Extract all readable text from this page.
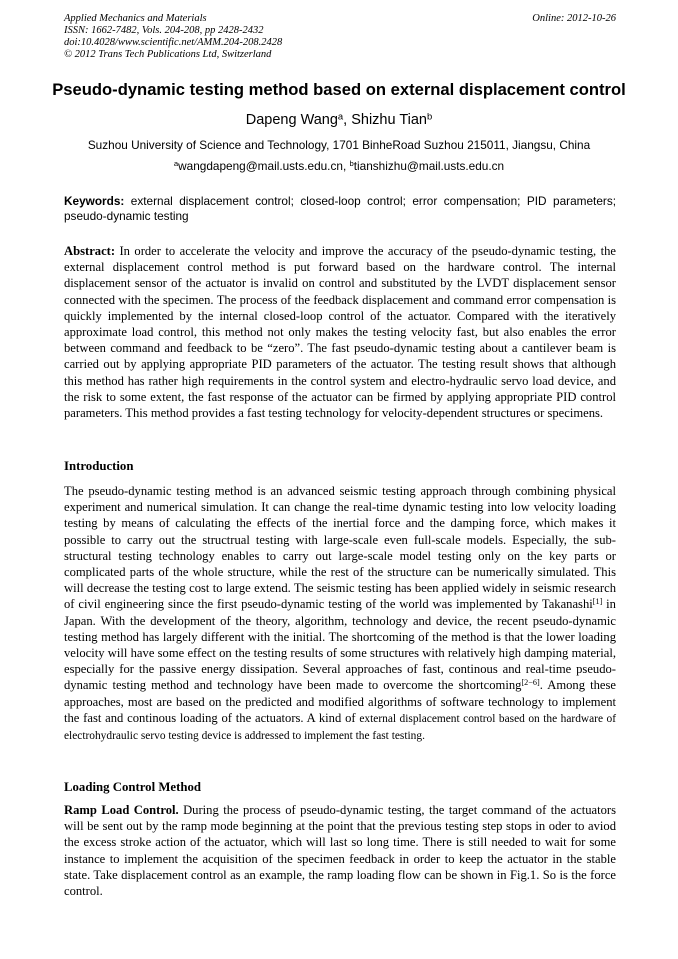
Applied Mechanics and Materials
ISSN: 1662-7482, Vols. 204-208, pp 2428-2432
doi:10.4028/www.scientific.net/AMM.204-208.2428
© 2012 Trans Tech Publications Ltd, Switzerland
Online: 2012-10-26
Pseudo-dynamic testing method based on external displacement control
Dapeng Wang$^a$, Shizhu Tian$^b$
Suzhou University of Science and Technology, 1701 BinheRoad Suzhou 215011, Jiangsu, China
$^a$wangdapeng@mail.usts.edu.cn, $^b$tianshizhu@mail.usts.edu.cn
Keywords: external displacement control; closed-loop control; error compensation; PID parameters; pseudo-dynamic testing
Abstract: In order to accelerate the velocity and improve the accuracy of the pseudo-dynamic testing, the external displacement control method is put forward based on the hardware control. The internal displacement sensor of the actuator is invalid on control and substituted by the LVDT displacement sensor connected with the specimen. The process of the feedback displacement and command error compensation is quickly implemented by the internal closed-loop control of the actuator. Compared with the iteratively approximate load control, this method not only makes the testing velocity fast, but also enables the error between command and feedback to be “zero”. The fast pseudo-dynamic testing about a cantilever beam is carried out by applying appropriate PID parameters of the actuator. The testing result shows that although this method has rather high requirements in the control system and electro-hydraulic servo load device, and the risk to some extent, the fast response of the actuator can be firmed by applying appropriate PID control parameters. This method provides a fast testing technology for velocity-dependent structures or specimens.
Introduction
The pseudo-dynamic testing method is an advanced seismic testing approach through combining physical experiment and numerical simulation. It can change the real-time dynamic testing into low velocity loading testing by means of calculating the effects of the inertial force and the damping force, which makes it possible to carry out the structrual testing with large-scale even full-scale models. Especially, the sub-structural testing technology enables to carry out large-scale model testing only on the key parts or complicated parts of the whole structure, while the rest of the structure can be numerically simulated. This will decrease the testing cost to large extend. The seismic testing has been applied widely in seismic research of civil engineering since the first pseudo-dynamic testing of the world was implemented by Takanashi[1] in Japan. With the development of the theory, algorithm, technology and device, the recent pseudo-dynamic testing method has largely different with the initial. The shortcoming of the method is that the lower loading velocity will have some effect on the testing results of some structures with relatively high damping material, especially for the passive energy dissipation. Several approaches of fast, continous and real-time pseudo-dynamic testing method and technology have been made to overcome the shortcoming[2−6]. Among these approaches, most are based on the predicted and modified algorithms of software technology to implement the fast and continous loading of the actuators. A kind of external displacement control based on the hardware of electrohydraulic servo testing device is addressed to implement the fast testing.
Loading Control Method
Ramp Load Control. During the process of pseudo-dynamic testing, the target command of the actuators will be sent out by the ramp mode beginning at the point that the previous testing step stops in oder to aviod the excess stroke action of the actuator, which will last so long time. There is still needed to wait for some instance to implement the acquisition of the specimen feedback in order to keep the actuator in the stable state. Take displacement control as an example, the ramp loading flow can be shown in Fig.1. So is the force control.
